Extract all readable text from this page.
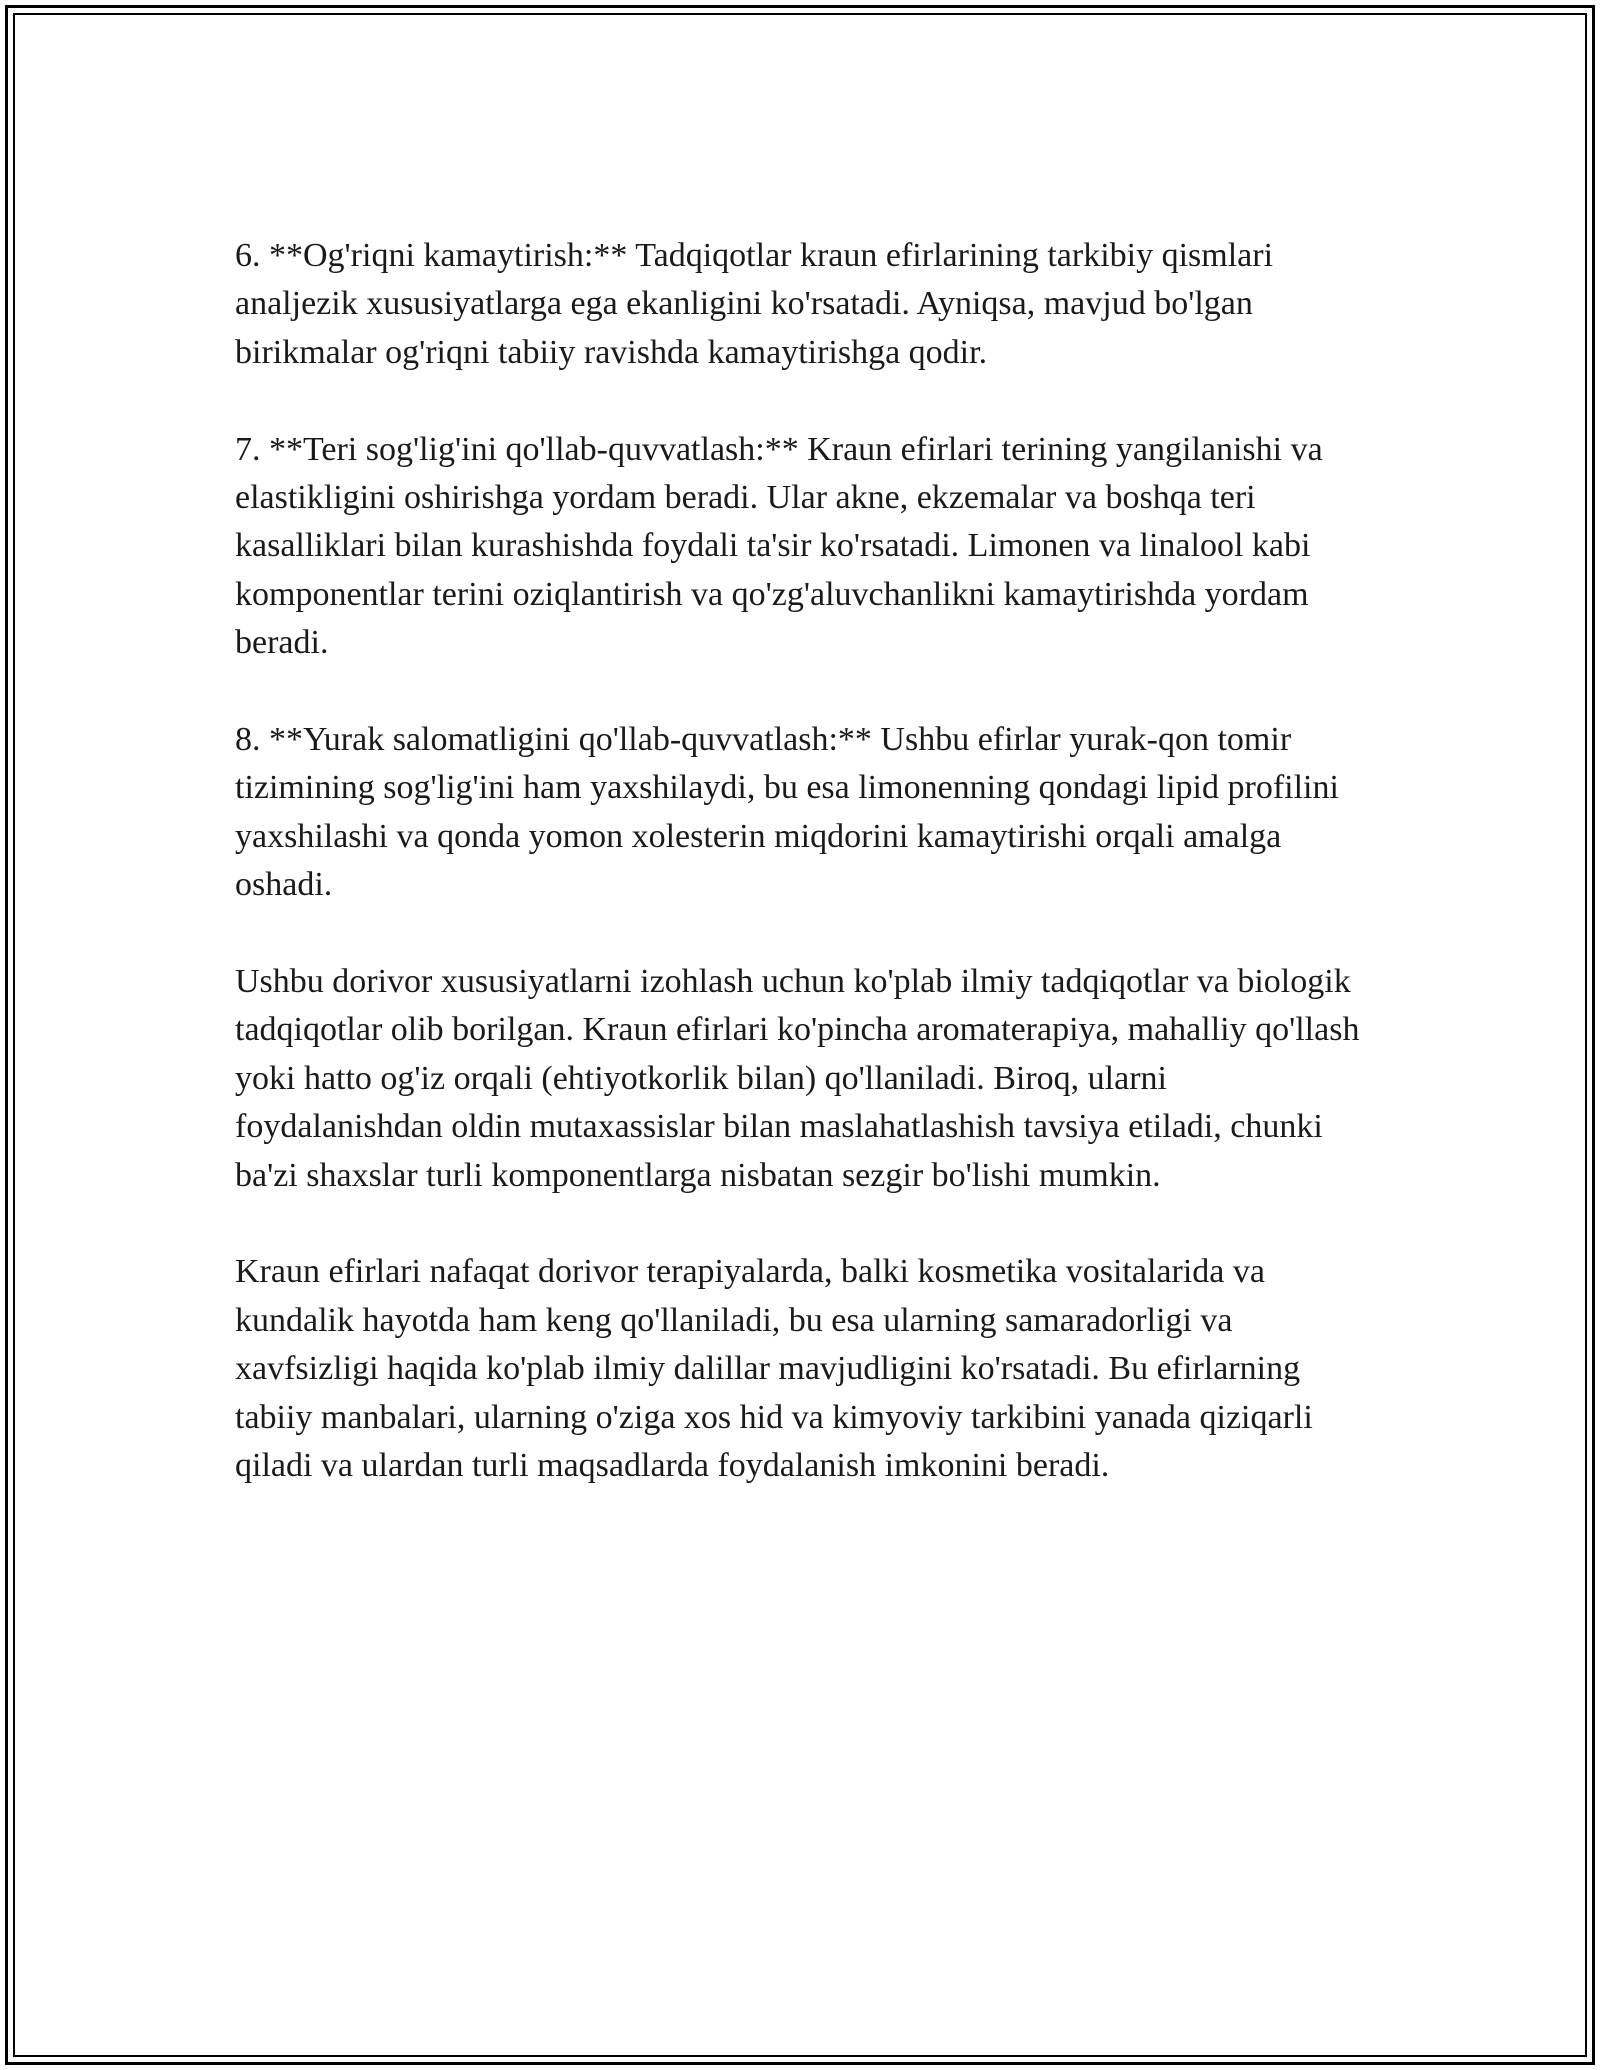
6. **Og'riqni kamaytirish:** Tadqiqotlar kraun efirlarining tarkibiy qismlari analjezik xususiyatlarga ega ekanligini ko'rsatadi. Ayniqsa, mavjud bo'lgan birikmalar og'riqni tabiiy ravishda kamaytirishga qodir.

7. **Teri sog'lig'ini qo'llab-quvvatlash:** Kraun efirlari terining yangilanishi va elastikligini oshirishga yordam beradi. Ular akne, ekzemalar va boshqa teri kasalliklari bilan kurashishda foydali ta'sir ko'rsatadi. Limonen va linalool kabi komponentlar terini oziqlantirish va qo'zg'aluvchanlikni kamaytirishda yordam beradi.

8. **Yurak salomatligini qo'llab-quvvatlash:** Ushbu efirlar yurak-qon tomir tizimining sog'lig'ini ham yaxshilaydi, bu esa limonenning qondagi lipid profilini yaxshilashi va qonda yomon xolesterin miqdorini kamaytirishi orqali amalga oshadi.

Ushbu dorivor xususiyatlarni izohlash uchun ko'plab ilmiy tadqiqotlar va biologik tadqiqotlar olib borilgan. Kraun efirlari ko'pincha aromaterapiya, mahalliy qo'llash yoki hatto og'iz orqali (ehtiyotkorlik bilan) qo'llaniladi. Biroq, ularni foydalanishdan oldin mutaxassislar bilan maslahatlashish tavsiya etiladi, chunki ba'zi shaxslar turli komponentlarga nisbatan sezgir bo'lishi mumkin.

Kraun efirlari nafaqat dorivor terapiyalarda, balki kosmetika vositalarida va kundalik hayotda ham keng qo'llaniladi, bu esa ularning samaradorligi va xavfsizligi haqida ko'plab ilmiy dalillar mavjudligini ko'rsatadi. Bu efirlarning tabiiy manbalari, ularning o'ziga xos hid va kimyoviy tarkibini yanada qiziqarli qiladi va ulardan turli maqsadlarda foydalanish imkonini beradi.
